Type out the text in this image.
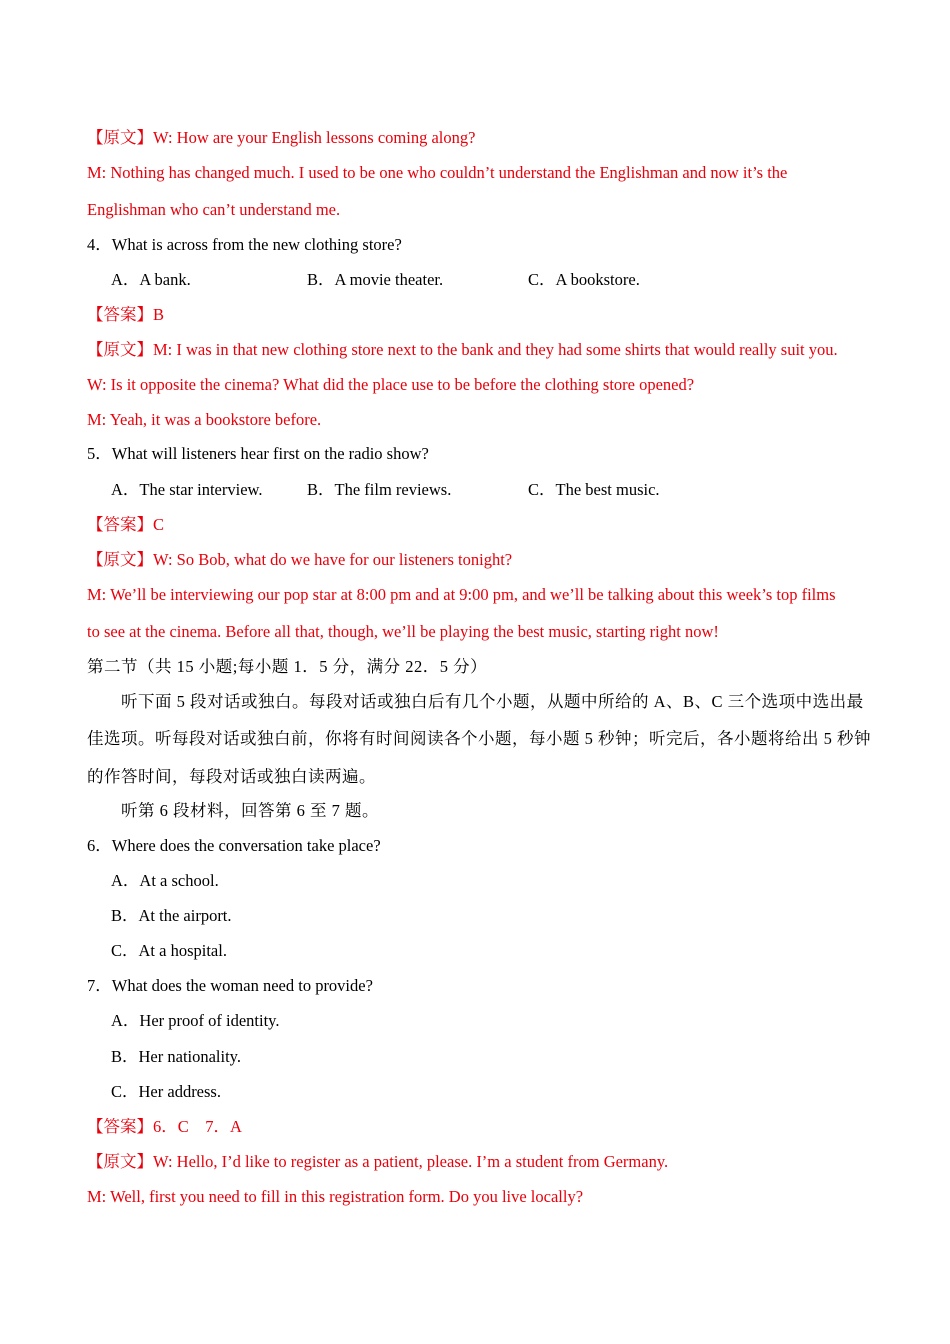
【原文】W: How are your English lessons coming along?
M: Nothing has changed much. I used to be one who couldn’t understand the Englishman and now it’s the
Englishman who can’t understand me.
4．What is across from the new clothing store?
A．A bank.	B．A movie theater.	C．A bookstore.
【答案】B
【原文】M: I was in that new clothing store next to the bank and they had some shirts that would really suit you.
W: Is it opposite the cinema? What did the place use to be before the clothing store opened?
M: Yeah, it was a bookstore before.
5．What will listeners hear first on the radio show?
A．The star interview.	B．The film reviews.	C．The best music.
【答案】C
【原文】W: So Bob, what do we have for our listeners tonight?
M: We’ll be interviewing our pop star at 8:00 pm and at 9:00 pm, and we’ll be talking about this week’s top films
to see at the cinema. Before all that, though, we’ll be playing the best music, starting right now!
第二节（共 15 小题;每小题 1．5 分，满分 22．5 分）
听下面 5 段对话或独白。每段对话或独白后有几个小题，从题中所给的 A、B、C 三个选项中选出最
佳选项。听每段对话或独白前，你将有时间阅读各个小题，每小题 5 秒钟；听完后，各小题将给出 5 秒钟
的作答时间，每段对话或独白读两遍。
听第 6 段材料，回答第 6 至 7 题。
6．Where does the conversation take place?
A．At a school.
B．At the airport.
C．At a hospital.
7．What does the woman need to provide?
A．Her proof of identity.
B．Her nationality.
C．Her address.
【答案】6．C    7．A
【原文】W: Hello, I’d like to register as a patient, please. I’m a student from Germany.
M: Well, first you need to fill in this registration form. Do you live locally?
